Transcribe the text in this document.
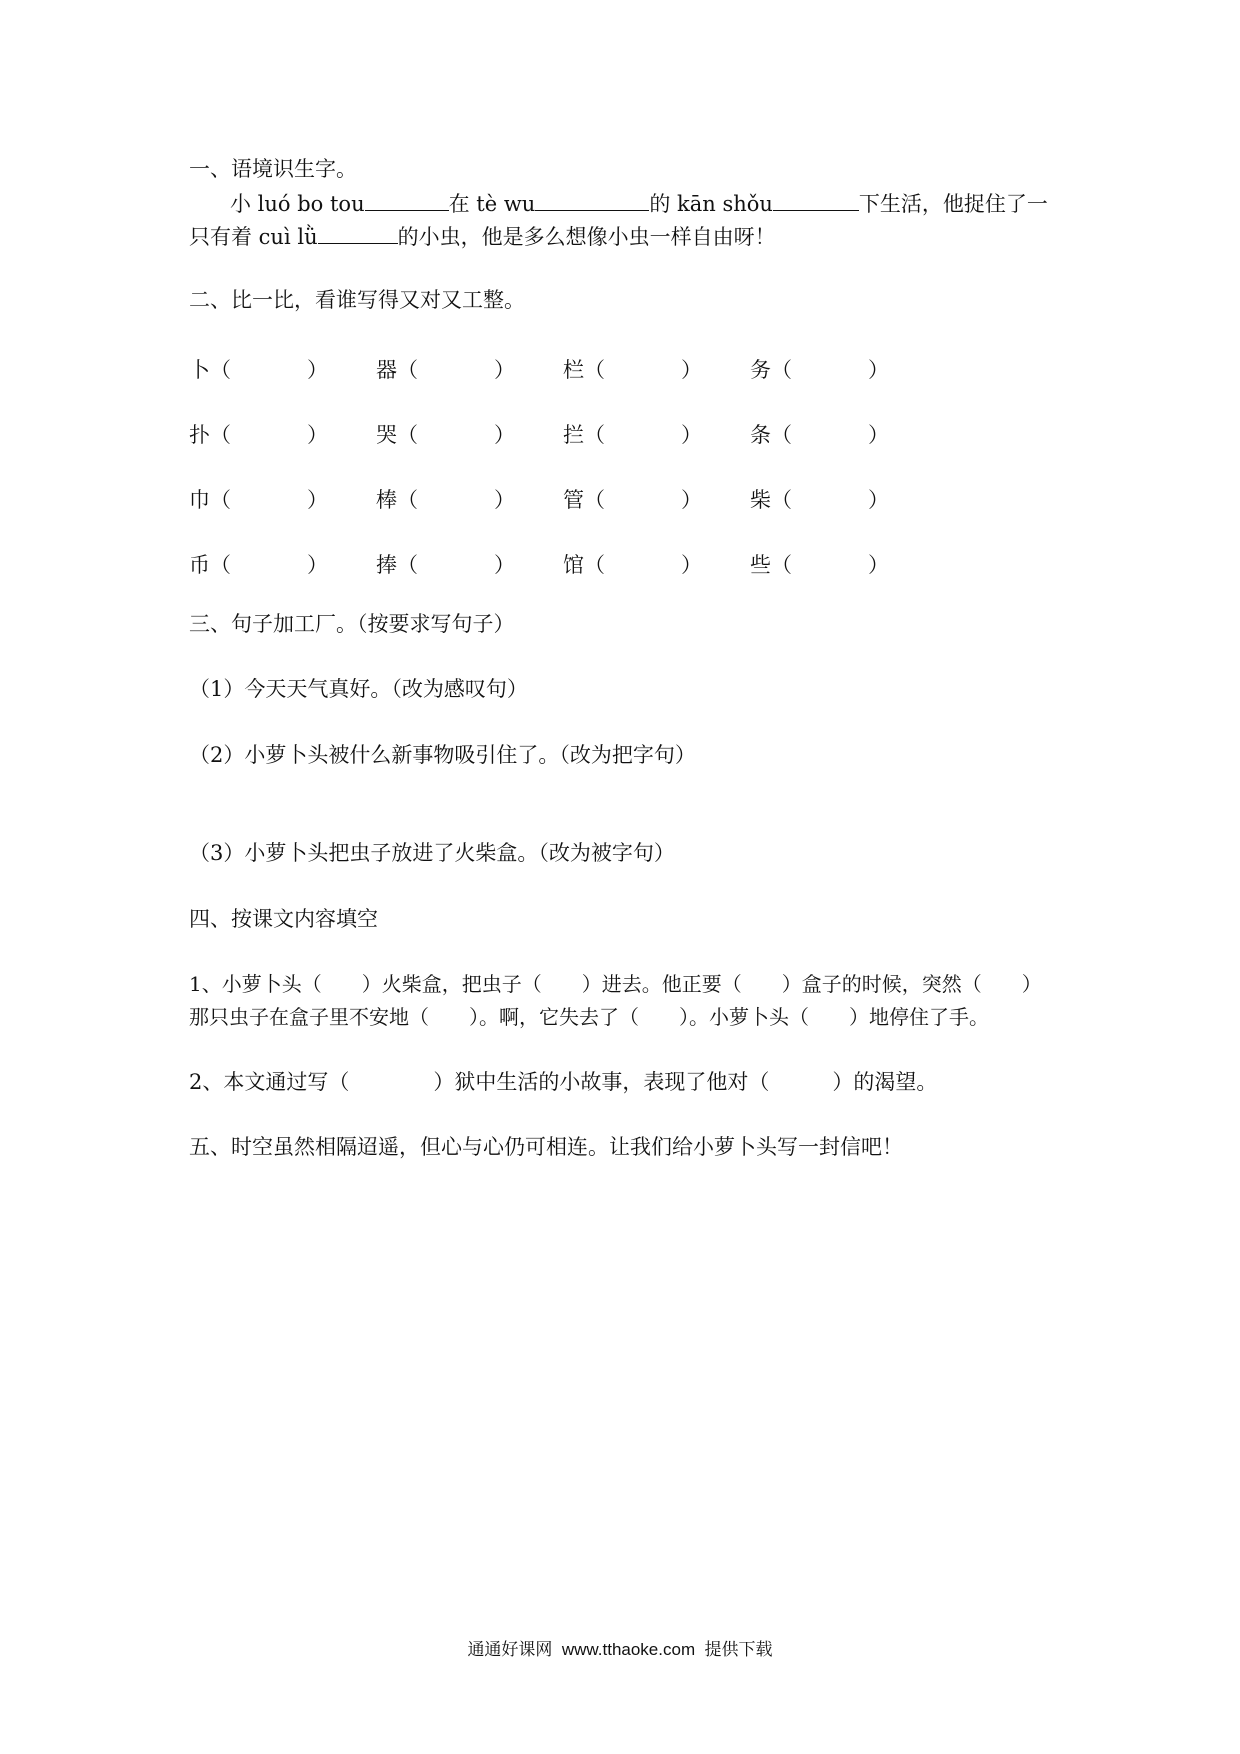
一、语境识生字。
小 luó bo tou	在 tè wu	的 kān shǒu	下生活，他捉住了一
只有着 cuì lǜ	的小虫，他是多么想像小虫一样自由呀！
二、比一比，看谁写得又对又工整。
卜（	） 器（	） 栏（	） 务（	）
扑（	） 哭（	） 拦（	） 条（	）
巾（	） 棒（	） 管（	） 柴（	）
币（	） 捧（	） 馆（	） 些（	）
三、句子加工厂。（按要求写句子）
（1）今天天气真好。（改为感叹句）
（2）小萝卜头被什么新事物吸引住了。（改为把字句）
（3）小萝卜头把虫子放进了火柴盒。（改为被字句）
四、按课文内容填空
1、小萝卜头（　　）火柴盒，把虫子（　　）进去。他正要（　　）盒子的时候，突然（　　）
那只虫子在盒子里不安地（　　）。啊，它失去了（　　）。小萝卜头（　　）地停住了手。
2、本文通过写（　　　　）狱中生活的小故事，表现了他对（　　　）的渴望。
五、时空虽然相隔迢遥，但心与心仍可相连。让我们给小萝卜头写一封信吧！
通通好课网  www.tthaoke.com  提供下载
